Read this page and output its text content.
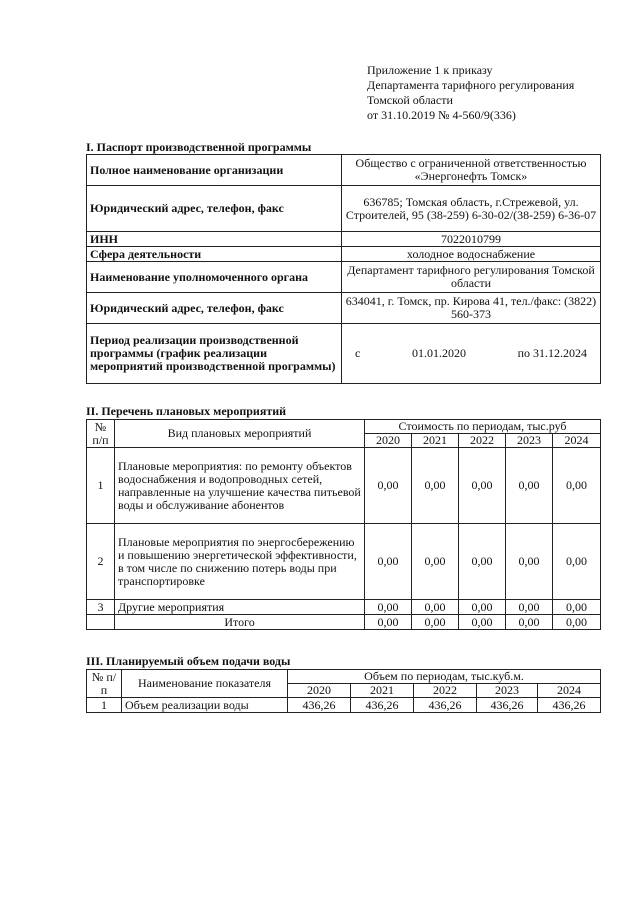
Приложение 1 к приказу
Департамента тарифного регулирования
Томской области
от 31.10.2019 № 4-560/9(336)
I. Паспорт производственной программы
Полное наименование организации	Общество с ограниченной ответственностью «Энергонефть Томск»
Юридический адрес, телефон, факс	636785; Томская область, г.Стрежевой, ул. Строителей, 95 (38-259) 6-30-02/(38-259) 6-36-07
ИНН	7022010799
Сфера деятельности	холодное водоснабжение
Наименование уполномоченного органа	Департамент тарифного регулирования Томской области
Юридический адрес, телефон, факс	634041, г. Томск, пр. Кирова 41, тел./факс: (3822) 560-373
Период реализации производственной программы (график реализации мероприятий производственной программы)	с 01.01.2020 по 31.12.2024
II. Перечень плановых мероприятий
№ п/п	Вид плановых мероприятий	Стоимость по периодам, тыс.руб				
		2020	2021	2022	2023	2024
1	Плановые мероприятия: по ремонту объектов водоснабжения и водопроводных сетей, направленные на улучшение качества питьевой воды и обслуживание абонентов	0,00	0,00	0,00	0,00	0,00
2	Плановые мероприятия по энергосбережению и повышению энергетической эффективности, в том числе по снижению потерь воды при транспортировке	0,00	0,00	0,00	0,00	0,00
3	Другие мероприятия	0,00	0,00	0,00	0,00	0,00
	Итого	0,00	0,00	0,00	0,00	0,00
III. Планируемый объем подачи воды
№ п/п	Наименование показателя	Объем по периодам, тыс.куб.м.				
		2020	2021	2022	2023	2024
1	Объем реализации воды	436,26	436,26	436,26	436,26	436,26
